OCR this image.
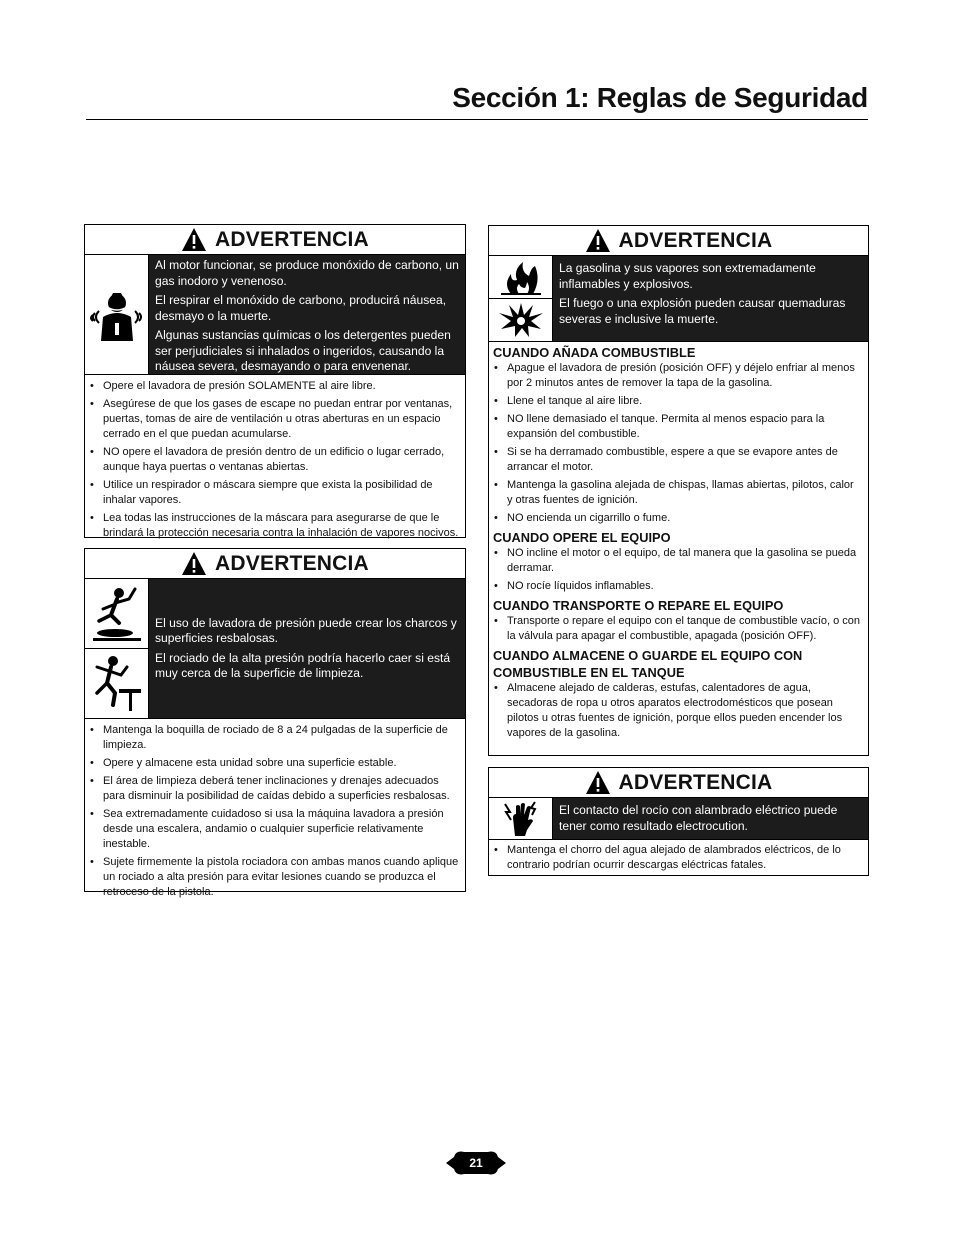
Sección 1: Reglas de Seguridad
ADVERTENCIA
Al motor funcionar, se produce monóxido de carbono, un gas inodoro y venenoso.
El respirar el monóxido de carbono, producirá náusea, desmayo o la muerte.
Algunas sustancias químicas o los detergentes pueden ser perjudiciales si inhalados o ingeridos, causando la náusea severa, desmayando o para envenenar.
• Opere el lavadora de presión SOLAMENTE al aire libre.
• Asegúrese de que los gases de escape no puedan entrar por ventanas, puertas, tomas de aire de ventilación u otras aberturas en un espacio cerrado en el que puedan acumularse.
• NO opere el lavadora de presión dentro de un edificio o lugar cerrado, aunque haya puertas o ventanas abiertas.
• Utilice un respirador o máscara siempre que exista la posibilidad de inhalar vapores.
• Lea todas las instrucciones de la máscara para asegurarse de que le brindará la protección necesaria contra la inhalación de vapores nocivos.
ADVERTENCIA
El uso de lavadora de presión puede crear los charcos y superficies resbalosas.
El rociado de la alta presión podría hacerlo caer si está muy cerca de la superficie de limpieza.
• Mantenga la boquilla de rociado de 8 a 24 pulgadas de la superficie de limpieza.
• Opere y almacene esta unidad sobre una superficie estable.
• El área de limpieza deberá tener inclinaciones y drenajes adecuados para disminuir la posibilidad de caídas debido a superficies resbalosas.
• Sea extremadamente cuidadoso si usa la máquina lavadora a presión desde una escalera, andamio o cualquier superficie relativamente inestable.
• Sujete firmemente la pistola rociadora con ambas manos cuando aplique un rociado a alta presión para evitar lesiones cuando se produzca el retroceso de la pistola.
ADVERTENCIA
La gasolina y sus vapores son extremadamente inflamables y explosivos.
El fuego o una explosión pueden causar quemaduras severas e inclusive la muerte.
CUANDO AÑADA COMBUSTIBLE
• Apague el lavadora de presión (posición OFF) y déjelo enfriar al menos por 2 minutos antes de remover la tapa de la gasolina.
• Llene el tanque al aire libre.
• NO llene demasiado el tanque. Permita al menos espacio para la expansión del combustible.
• Si se ha derramado combustible, espere a que se evapore antes de arrancar el motor.
• Mantenga la gasolina alejada de chispas, llamas abiertas, pilotos, calor y otras fuentes de ignición.
• NO encienda un cigarrillo o fume.
CUANDO OPERE EL EQUIPO
• NO incline el motor o el equipo, de tal manera que la gasolina se pueda derramar.
• NO rocíe líquidos inflamables.
CUANDO TRANSPORTE O REPARE EL EQUIPO
• Transporte o repare el equipo con el tanque de combustible vacío, o con la válvula para apagar el combustible, apagada (posición OFF).
CUANDO ALMACENE O GUARDE EL EQUIPO CON COMBUSTIBLE EN EL TANQUE
• Almacene alejado de calderas, estufas, calentadores de agua, secadoras de ropa u otros aparatos electrodomésticos que posean pilotos u otras fuentes de ignición, porque ellos pueden encender los vapores de la gasolina.
ADVERTENCIA
El contacto del rocío con alambrado eléctrico puede tener como resultado electrocution.
• Mantenga el chorro del agua alejado de alambrados eléctricos, de lo contrario podrían ocurrir descargas eléctricas fatales.
21
